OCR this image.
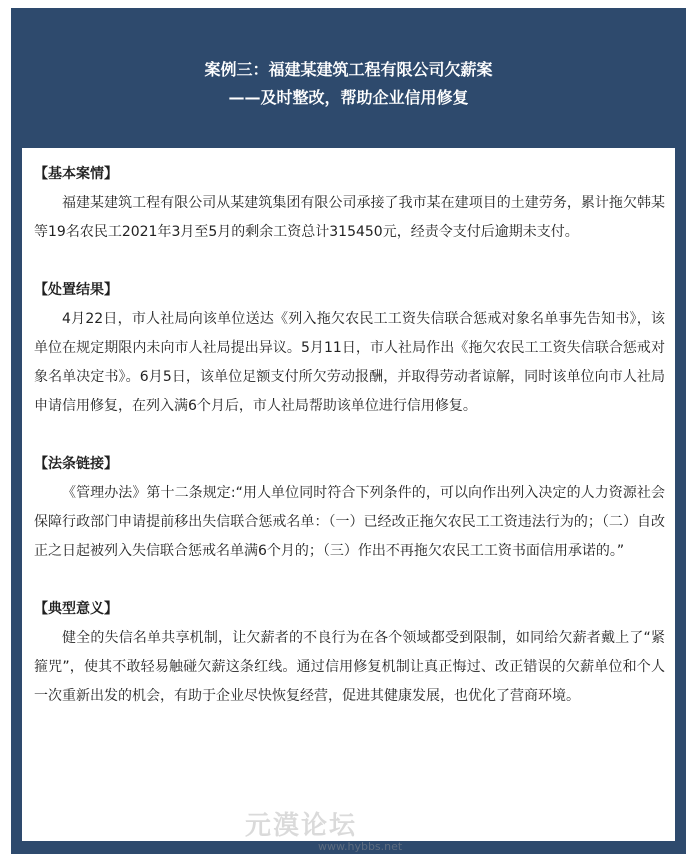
案例三：福建某建筑工程有限公司欠薪案
——及时整改，帮助企业信用修复
【基本案情】
福建某建筑工程有限公司从某建筑集团有限公司承接了我市某在建项目的土建劳务，累计拖欠韩某等19名农民工2021年3月至5月的剩余工资总计315450元，经责令支付后逾期未支付。
【处置结果】
4月22日，市人社局向该单位送达《列入拖欠农民工工资失信联合惩戒对象名单事先告知书》，该单位在规定期限内未向市人社局提出异议。5月11日，市人社局作出《拖欠农民工工资失信联合惩戒对象名单决定书》。6月5日，该单位足额支付所欠劳动报酬，并取得劳动者谅解，同时该单位向市人社局申请信用修复，在列入满6个月后，市人社局帮助该单位进行信用修复。
【法条链接】
《管理办法》第十二条规定:“用人单位同时符合下列条件的，可以向作出列入决定的人力资源社会保障行政部门申请提前移出失信联合惩戒名单：（一）已经改正拖欠农民工工资违法行为的；（二）自改正之日起被列入失信联合惩戒名单满6个月的；（三）作出不再拖欠农民工工资书面信用承诺的。”
【典型意义】
健全的失信名单共享机制，让欠薪者的不良行为在各个领域都受到限制，如同给欠薪者戴上了“紧箍咒”，使其不敢轻易触碰欠薪这条红线。通过信用修复机制让真正悔过、改正错误的欠薪单位和个人一次重新出发的机会，有助于企业尽快恢复经营，促进其健康发展，也优化了营商环境。
元漠论坛
www.hybbs.net
